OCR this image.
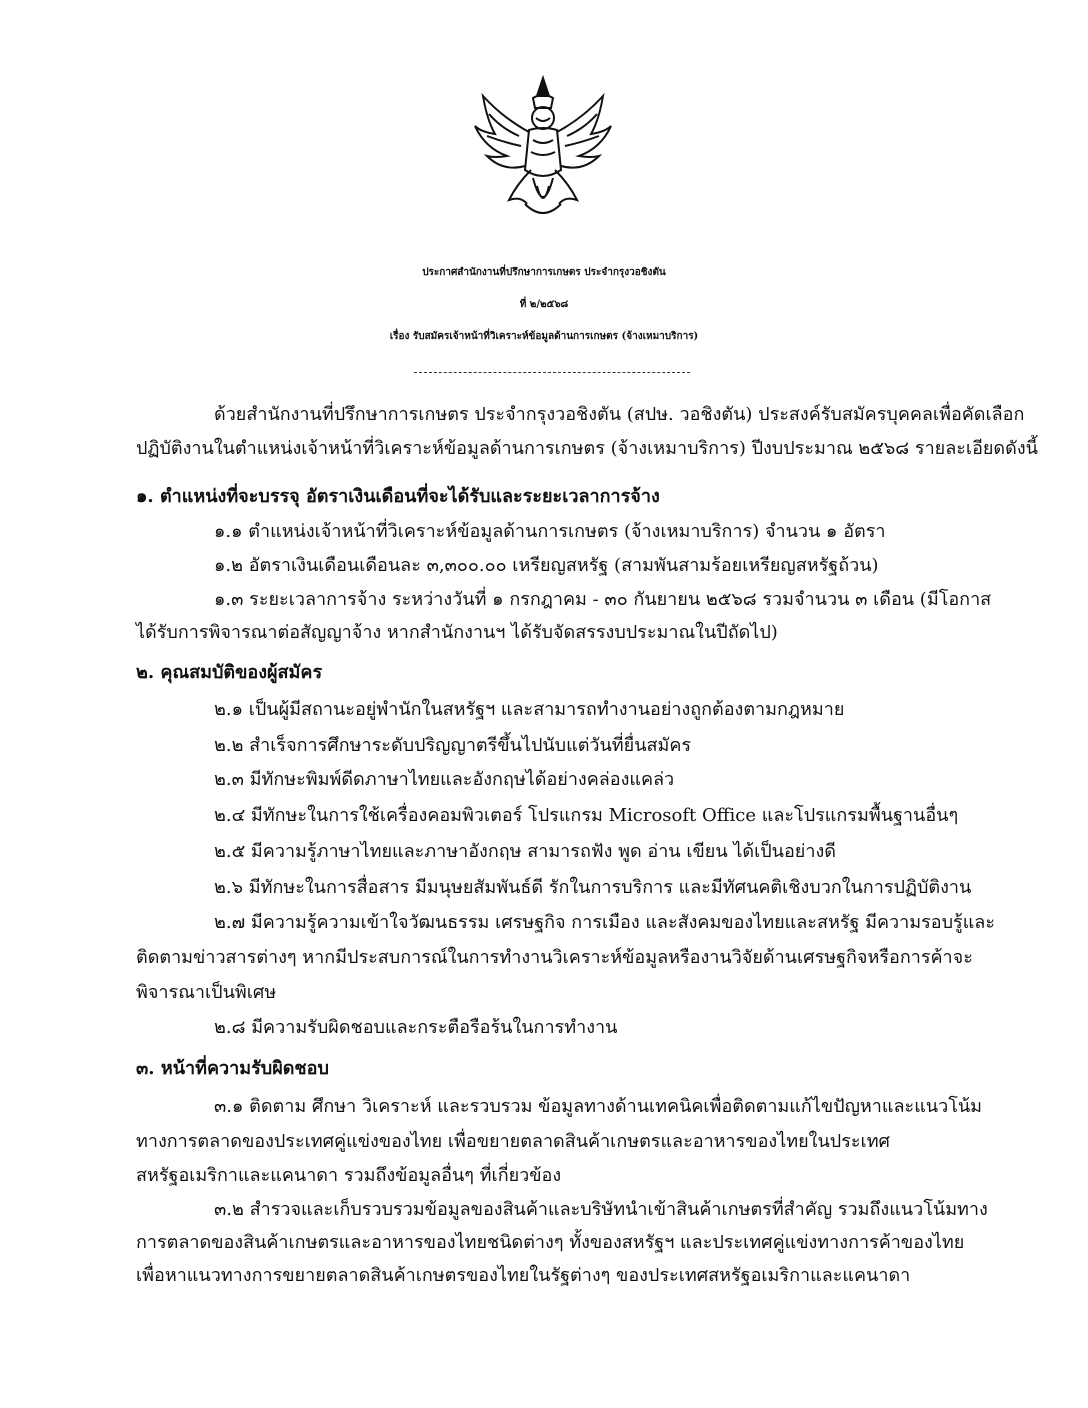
ประกาศสำนักงานที่ปรึกษาการเกษตร ประจำกรุงวอชิงตัน
ที่ ๒/๒๕๖๘
เรื่อง รับสมัครเจ้าหน้าที่วิเคราะห์ข้อมูลด้านการเกษตร (จ้างเหมาบริการ)
ด้วยสำนักงานที่ปรึกษาการเกษตร ประจำกรุงวอชิงตัน (สปษ. วอชิงตัน) ประสงค์รับสมัครบุคคลเพื่อคัดเลือก
ปฏิบัติงานในตำแหน่งเจ้าหน้าที่วิเคราะห์ข้อมูลด้านการเกษตร (จ้างเหมาบริการ) ปีงบประมาณ ๒๕๖๘ รายละเอียดดังนี้
๑. ตำแหน่งที่จะบรรจุ อัตราเงินเดือนที่จะได้รับและระยะเวลาการจ้าง
๑.๑ ตำแหน่งเจ้าหน้าที่วิเคราะห์ข้อมูลด้านการเกษตร (จ้างเหมาบริการ) จำนวน ๑ อัตรา
๑.๒ อัตราเงินเดือนเดือนละ ๓,๓๐๐.๐๐ เหรียญสหรัฐ (สามพันสามร้อยเหรียญสหรัฐถ้วน)
๑.๓ ระยะเวลาการจ้าง ระหว่างวันที่ ๑ กรกฎาคม - ๓๐ กันยายน ๒๕๖๘ รวมจำนวน ๓ เดือน (มีโอกาส
ได้รับการพิจารณาต่อสัญญาจ้าง หากสำนักงานฯ ได้รับจัดสรรงบประมาณในปีถัดไป)
๒. คุณสมบัติของผู้สมัคร
๒.๑ เป็นผู้มีสถานะอยู่พำนักในสหรัฐฯ และสามารถทำงานอย่างถูกต้องตามกฎหมาย
๒.๒ สำเร็จการศึกษาระดับปริญญาตรีขึ้นไปนับแต่วันที่ยื่นสมัคร
๒.๓ มีทักษะพิมพ์ดีดภาษาไทยและอังกฤษได้อย่างคล่องแคล่ว
๒.๔ มีทักษะในการใช้เครื่องคอมพิวเตอร์ โปรแกรม Microsoft Office และโปรแกรมพื้นฐานอื่นๆ
๒.๕ มีความรู้ภาษาไทยและภาษาอังกฤษ สามารถฟัง พูด อ่าน เขียน ได้เป็นอย่างดี
๒.๖ มีทักษะในการสื่อสาร มีมนุษยสัมพันธ์ดี รักในการบริการ และมีทัศนคติเชิงบวกในการปฏิบัติงาน
๒.๗ มีความรู้ความเข้าใจวัฒนธรรม เศรษฐกิจ การเมือง และสังคมของไทยและสหรัฐ มีความรอบรู้และ
ติดตามข่าวสารต่างๆ หากมีประสบการณ์ในการทำงานวิเคราะห์ข้อมูลหรืองานวิจัยด้านเศรษฐกิจหรือการค้าจะ
พิจารณาเป็นพิเศษ
๒.๘ มีความรับผิดชอบและกระตือรือร้นในการทำงาน
๓. หน้าที่ความรับผิดชอบ
๓.๑ ติดตาม ศึกษา วิเคราะห์ และรวบรวม ข้อมูลทางด้านเทคนิคเพื่อติดตามแก้ไขปัญหาและแนวโน้ม
ทางการตลาดของประเทศคู่แข่งของไทย เพื่อขยายตลาดสินค้าเกษตรและอาหารของไทยในประเทศ
สหรัฐอเมริกาและแคนาดา รวมถึงข้อมูลอื่นๆ ที่เกี่ยวข้อง
๓.๒ สำรวจและเก็บรวบรวมข้อมูลของสินค้าและบริษัทนำเข้าสินค้าเกษตรที่สำคัญ รวมถึงแนวโน้มทาง
การตลาดของสินค้าเกษตรและอาหารของไทยชนิดต่างๆ ทั้งของสหรัฐฯ และประเทศคู่แข่งทางการค้าของไทย
เพื่อหาแนวทางการขยายตลาดสินค้าเกษตรของไทยในรัฐต่างๆ ของประเทศสหรัฐอเมริกาและแคนาดา
